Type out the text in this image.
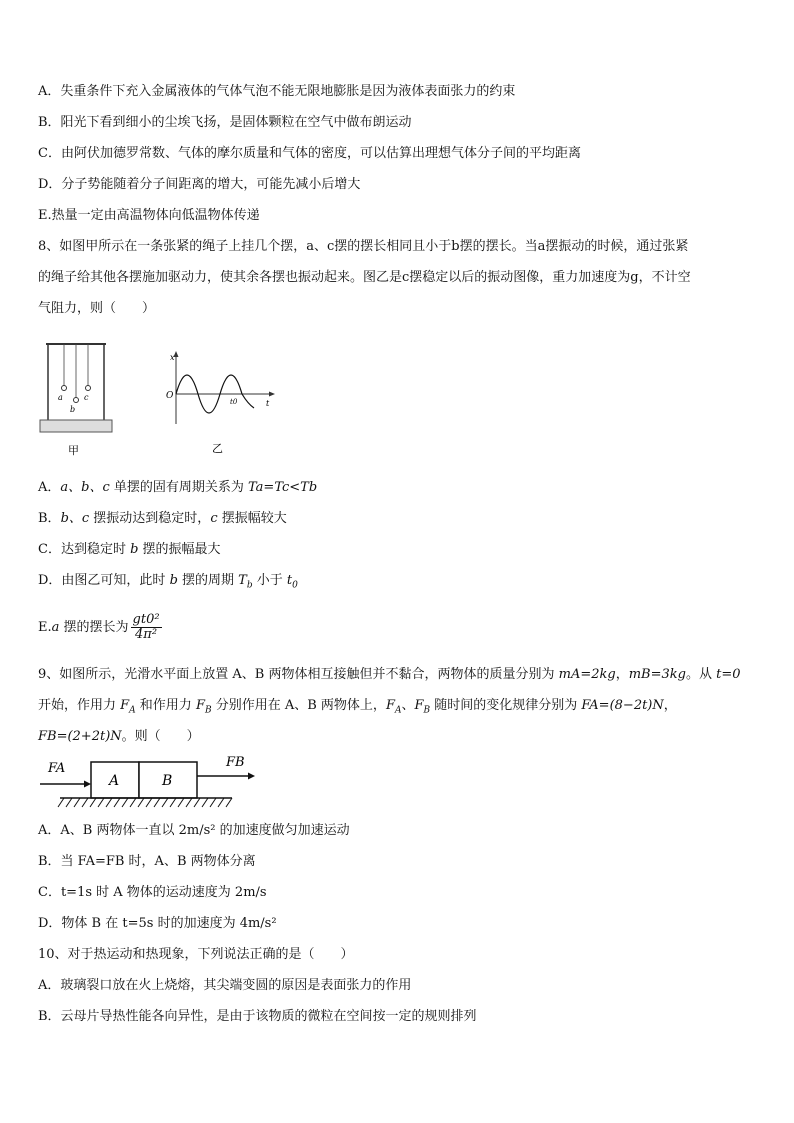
A．失重条件下充入金属液体的气体气泡不能无限地膨胀是因为液体表面张力的约束
B．阳光下看到细小的尘埃飞扬，是固体颗粒在空气中做布朗运动
C．由阿伏加德罗常数、气体的摩尔质量和气体的密度，可以估算出理想气体分子间的平均距离
D．分子势能随着分子间距离的增大，可能先减小后增大
E.热量一定由高温物体向低温物体传递
8、如图甲所示在一条张紧的绳子上挂几个摆，a、c摆的摆长相同且小于b摆的摆长。当a摆振动的时候，通过张紧
的绳子给其他各摆施加驱动力，使其余各摆也振动起来。图乙是c摆稳定以后的振动图像，重力加速度为g，不计空
气阻力，则（　　）
a
b
c
甲
x
t
O
t0
乙
A．a、b、c 单摆的固有周期关系为 Ta=Tc<Tb
B．b、c 摆振动达到稳定时，c 摆振幅较大
C．达到稳定时 b 摆的振幅最大
D．由图乙可知，此时 b 摆的周期 $T_b$ 小于 $t_0$
E.a 摆的摆长为 $\frac{\text{gt0²}}{\text{4π²}}$
9、如图所示，光滑水平面上放置 A、B 两物体相互接触但并不黏合，两物体的质量分别为 mA=2kg，mB=3kg。从 t=0
开始，作用力 $F_A$ 和作用力 $F_B$ 分别作用在 A、B 两物体上，$F_A$、$F_B$ 随时间的变化规律分别为 FA=(8−2t)N，
FB=(2+2t)N。则（　　）
FA
A	B
FB
A．A、B 两物体一直以 2m/s² 的加速度做匀加速运动
B．当 FA=FB 时，A、B 两物体分离
C．t=1s 时 A 物体的运动速度为 2m/s
D．物体 B 在 t=5s 时的加速度为 4m/s²
10、对于热运动和热现象，下列说法正确的是（　　）
A．玻璃裂口放在火上烧熔，其尖端变圆的原因是表面张力的作用
B．云母片导热性能各向异性，是由于该物质的微粒在空间按一定的规则排列
